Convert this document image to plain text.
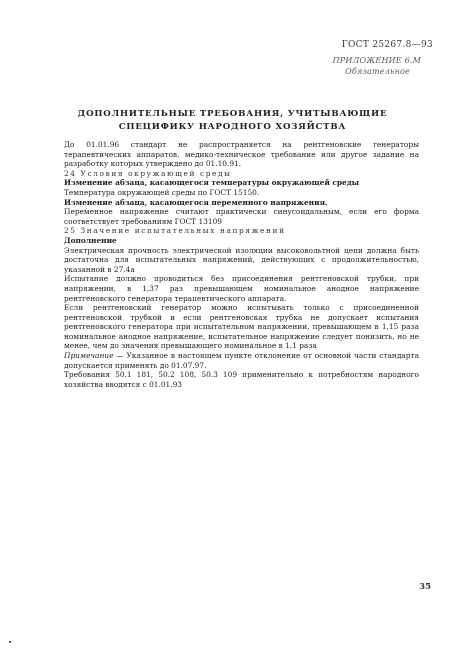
ГОСТ 25267.8—93
ПРИЛОЖЕНИЕ 6.М
Обязательное
ДОПОЛНИТЕЛЬНЫЕ ТРЕБОВАНИЯ, УЧИТЫВАЮЩИЕ
СПЕЦИФИКУ НАРОДНОГО ХОЗЯЙСТВА

До 01.01.96 стандарт не распространяется на рентгеновские генераторы терапевтических аппаратов, медико-техническое требование или другое задание на разработку которых утверждено до 01.10.91.

24 Условия окружающей среды

Изменение абзаца, касающегося температуры окружающей среды

Температура окружающей среды по ГОСТ 15150.

Изменение абзаца, касающегося переменного напряжения.

Переменное напряжение считают практически синусоидальным, если его форма соответствует требованиям ГОСТ 13109

25 Значение испытательных напряжений

Дополнение

Электрическая прочность электрической изоляции высоковольтной цепи должна быть достаточна для испытательных напряжений, действующих с продолжительностью, указанной в 27.4а

Испытание должно проводиться без присоединения рентгеновской трубки, при напряжении, в 1,37 раз превышающем номинальное анодное напряжение рентгеновского генератора терапевтического аппарата.

Если рентгеновский генератор можно испытывать только с присоединенной рентгеновской трубкой и если рентгеновская трубка не допускает испытания рентгеновского генератора при испытательном напряжении, превышающем в 1,15 раза номинальное анодное напряжение, испытательное напряжение следует понизить, но не менее, чем до значения превышающего номинальное в 1,1 раза

Примечание — Указанное в настоящем пункте отклонение от основной части стандарта допускается применять до 01.07.97.

Требования 50.1 181, 50.2 108, 50.3 109 применительно к потребностям народного хозяйства вводятся с 01.01.93

35
